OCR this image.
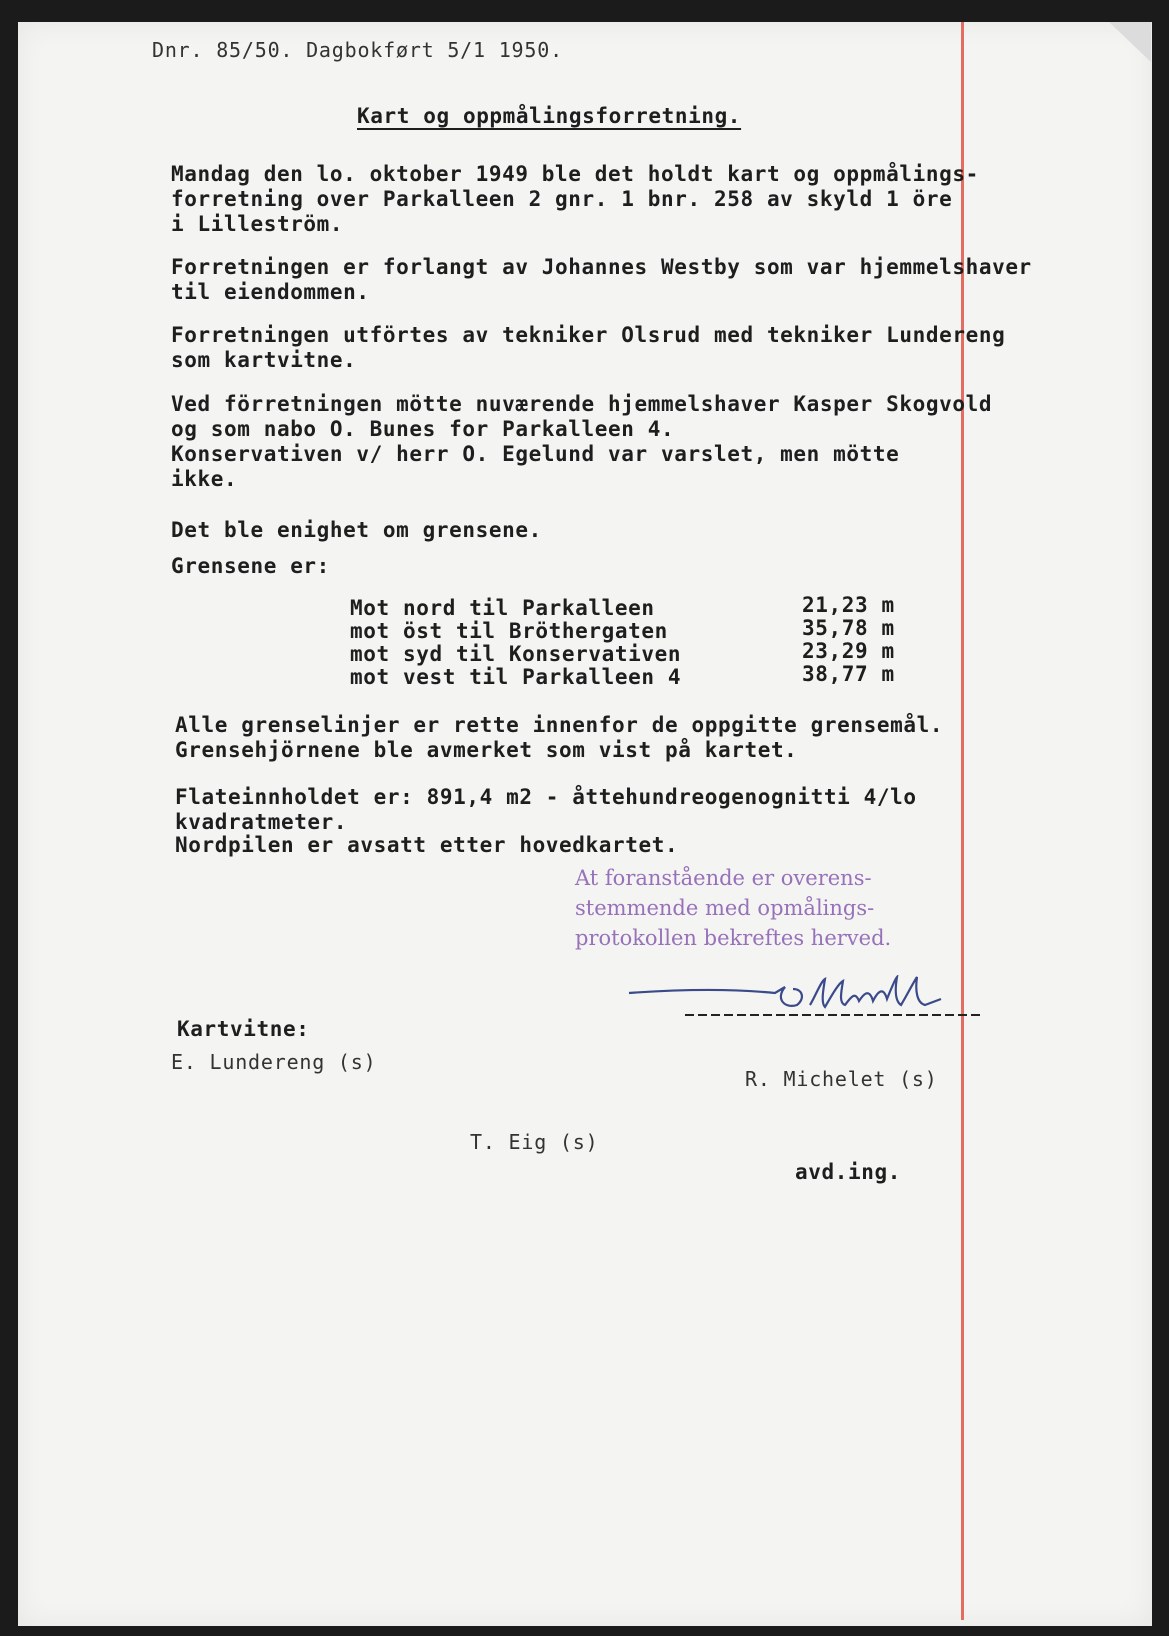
Dnr. 85/50. Dagbokført 5/1 1950.
Kart og oppmålingsforretning.
Mandag den lo. oktober 1949 ble det holdt kart og oppmålings-
forretning over Parkalleen 2 gnr. 1 bnr. 258 av skyld 1 öre
i Lilleström.
Forretningen er forlangt av Johannes Westby som var hjemmelshaver
til eiendommen.
Forretningen utförtes av tekniker Olsrud med tekniker Lundereng
som kartvitne.
Ved förretningen mötte nuværende hjemmelshaver Kasper Skogvold
og som nabo O. Bunes for Parkalleen 4.
Konservativen v/ herr O. Egelund var varslet, men mötte
ikke.
Det ble enighet om grensene.
Grensene er:
Mot nord til Parkalleen	21,23 m
mot öst til Bröthergaten	35,78 m
mot syd til Konservativen	23,29 m
mot vest til Parkalleen 4	38,77 m
Alle grenselinjer er rette innenfor de oppgitte grensemål.
Grensehjörnene ble avmerket som vist på kartet.
Flateinnholdet er: 891,4 m2 - åttehundreogenognitti 4/lo
kvadratmeter.
Nordpilen er avsatt etter hovedkartet.
At foranstående er overens-
stemmende med opmålings-
protokollen bekreftes herved.
Kartvitne:
E. Lundereng (s)
R. Michelet (s)
T. Eig (s)
avd.ing.
